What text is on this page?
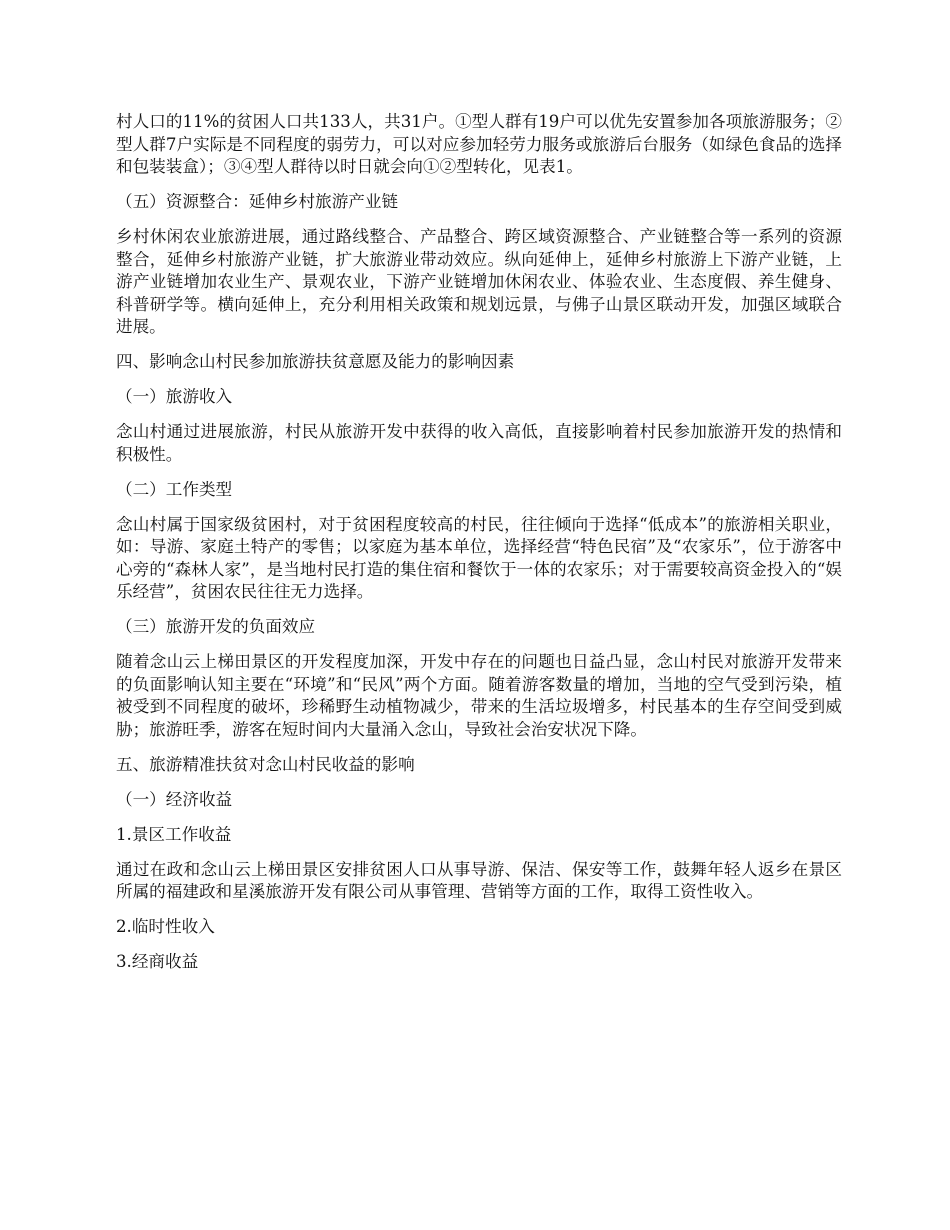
村人口的11%的贫困人口共133人，共31户。①型人群有19户可以优先安置参加各项旅游服务；②型人群7户实际是不同程度的弱劳力，可以对应参加轻劳力服务或旅游后台服务（如绿色食品的选择和包装装盒）；③④型人群待以时日就会向①②型转化，见表1。

（五）资源整合：延伸乡村旅游产业链

乡村休闲农业旅游进展，通过路线整合、产品整合、跨区域资源整合、产业链整合等一系列的资源整合，延伸乡村旅游产业链，扩大旅游业带动效应。纵向延伸上，延伸乡村旅游上下游产业链，上游产业链增加农业生产、景观农业，下游产业链增加休闲农业、体验农业、生态度假、养生健身、科普研学等。横向延伸上，充分利用相关政策和规划远景，与佛子山景区联动开发，加强区域联合进展。

四、影响念山村民参加旅游扶贫意愿及能力的影响因素

（一）旅游收入

念山村通过进展旅游，村民从旅游开发中获得的收入高低，直接影响着村民参加旅游开发的热情和积极性。

（二）工作类型

念山村属于国家级贫困村，对于贫困程度较高的村民，往往倾向于选择“低成本”的旅游相关职业，如：导游、家庭土特产的零售；以家庭为基本单位，选择经营“特色民宿”及“农家乐”，位于游客中心旁的“森林人家”，是当地村民打造的集住宿和餐饮于一体的农家乐；对于需要较高资金投入的“娱乐经营”，贫困农民往往无力选择。

（三）旅游开发的负面效应

随着念山云上梯田景区的开发程度加深，开发中存在的问题也日益凸显，念山村民对旅游开发带来的负面影响认知主要在“环境”和“民风”两个方面。随着游客数量的增加，当地的空气受到污染，植被受到不同程度的破坏，珍稀野生动植物减少，带来的生活垃圾增多，村民基本的生存空间受到威胁；旅游旺季，游客在短时间内大量涌入念山，导致社会治安状况下降。

五、旅游精准扶贫对念山村民收益的影响

（一）经济收益

1.景区工作收益

通过在政和念山云上梯田景区安排贫困人口从事导游、保洁、保安等工作，鼓舞年轻人返乡在景区所属的福建政和星溪旅游开发有限公司从事管理、营销等方面的工作，取得工资性收入。

2.临时性收入

3.经商收益
